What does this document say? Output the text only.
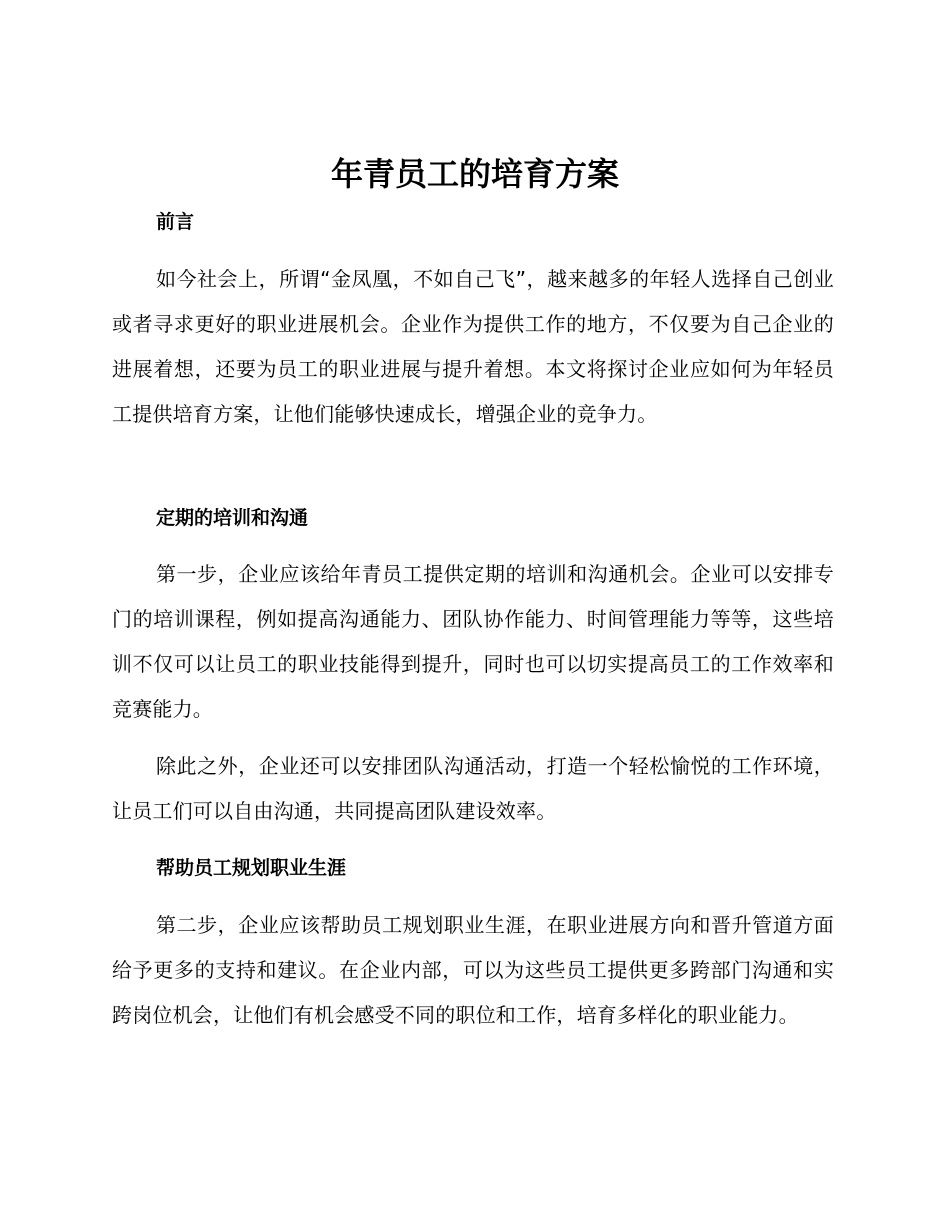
年青员工的培育方案
前言

如今社会上，所谓“金凤凰，不如自己飞”，越来越多的年轻人选择自己创业或者寻求更好的职业进展机会。企业作为提供工作的地方，不仅要为自己企业的进展着想，还要为员工的职业进展与提升着想。本文将探讨企业应如何为年轻员工提供培育方案，让他们能够快速成长，增强企业的竞争力。

定期的培训和沟通

第一步，企业应该给年青员工提供定期的培训和沟通机会。企业可以安排专门的培训课程，例如提高沟通能力、团队协作能力、时间管理能力等等，这些培训不仅可以让员工的职业技能得到提升，同时也可以切实提高员工的工作效率和竞赛能力。

除此之外，企业还可以安排团队沟通活动，打造一个轻松愉悦的工作环境，让员工们可以自由沟通，共同提高团队建设效率。

帮助员工规划职业生涯

第二步，企业应该帮助员工规划职业生涯，在职业进展方向和晋升管道方面给予更多的支持和建议。在企业内部，可以为这些员工提供更多跨部门沟通和实跨岗位机会，让他们有机会感受不同的职位和工作，培育多样化的职业能力。
